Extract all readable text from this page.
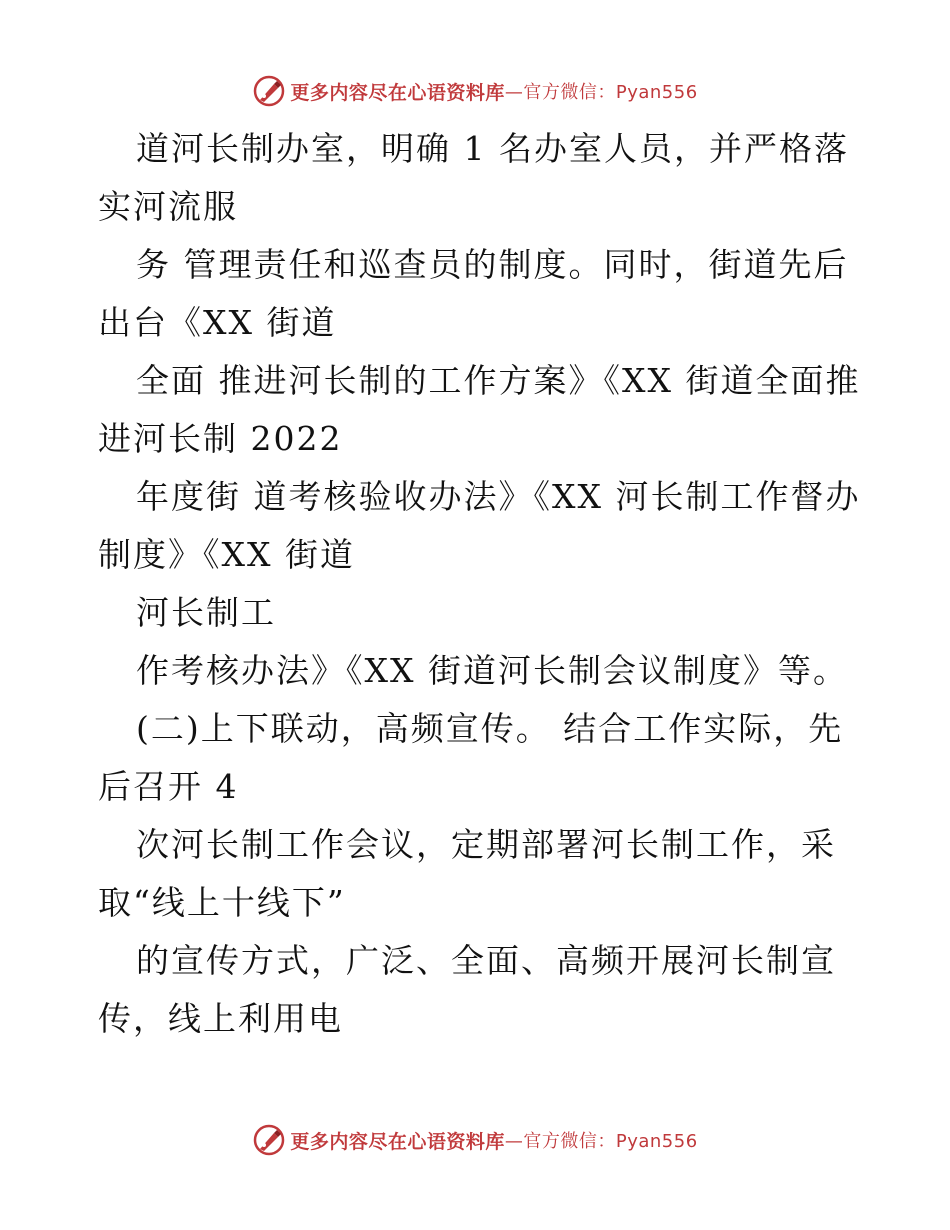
更多内容尽在心语资料库 —官方微信：Pyan556
道河长制办室，明确 1 名办室人员，并严格落
实河流服
务 管理责任和巡查员的制度。同时，街道先后
出台《XX 街道
全面 推进河长制的工作方案》《XX 街道全面推
进河长制 2022
年度街 道考核验收办法》《XX 河长制工作督办
制度》《XX 街道
河长制工
作考核办法》《XX 街道河长制会议制度》等。
(二)上下联动，高频宣传。 结合工作实际，先
后召开 4
次河长制工作会议，定期部署河长制工作，采
取“线上十线下”
的宣传方式，广泛、全面、高频开展河长制宣
传，线上利用电
更多内容尽在心语资料库 —官方微信：Pyan556
